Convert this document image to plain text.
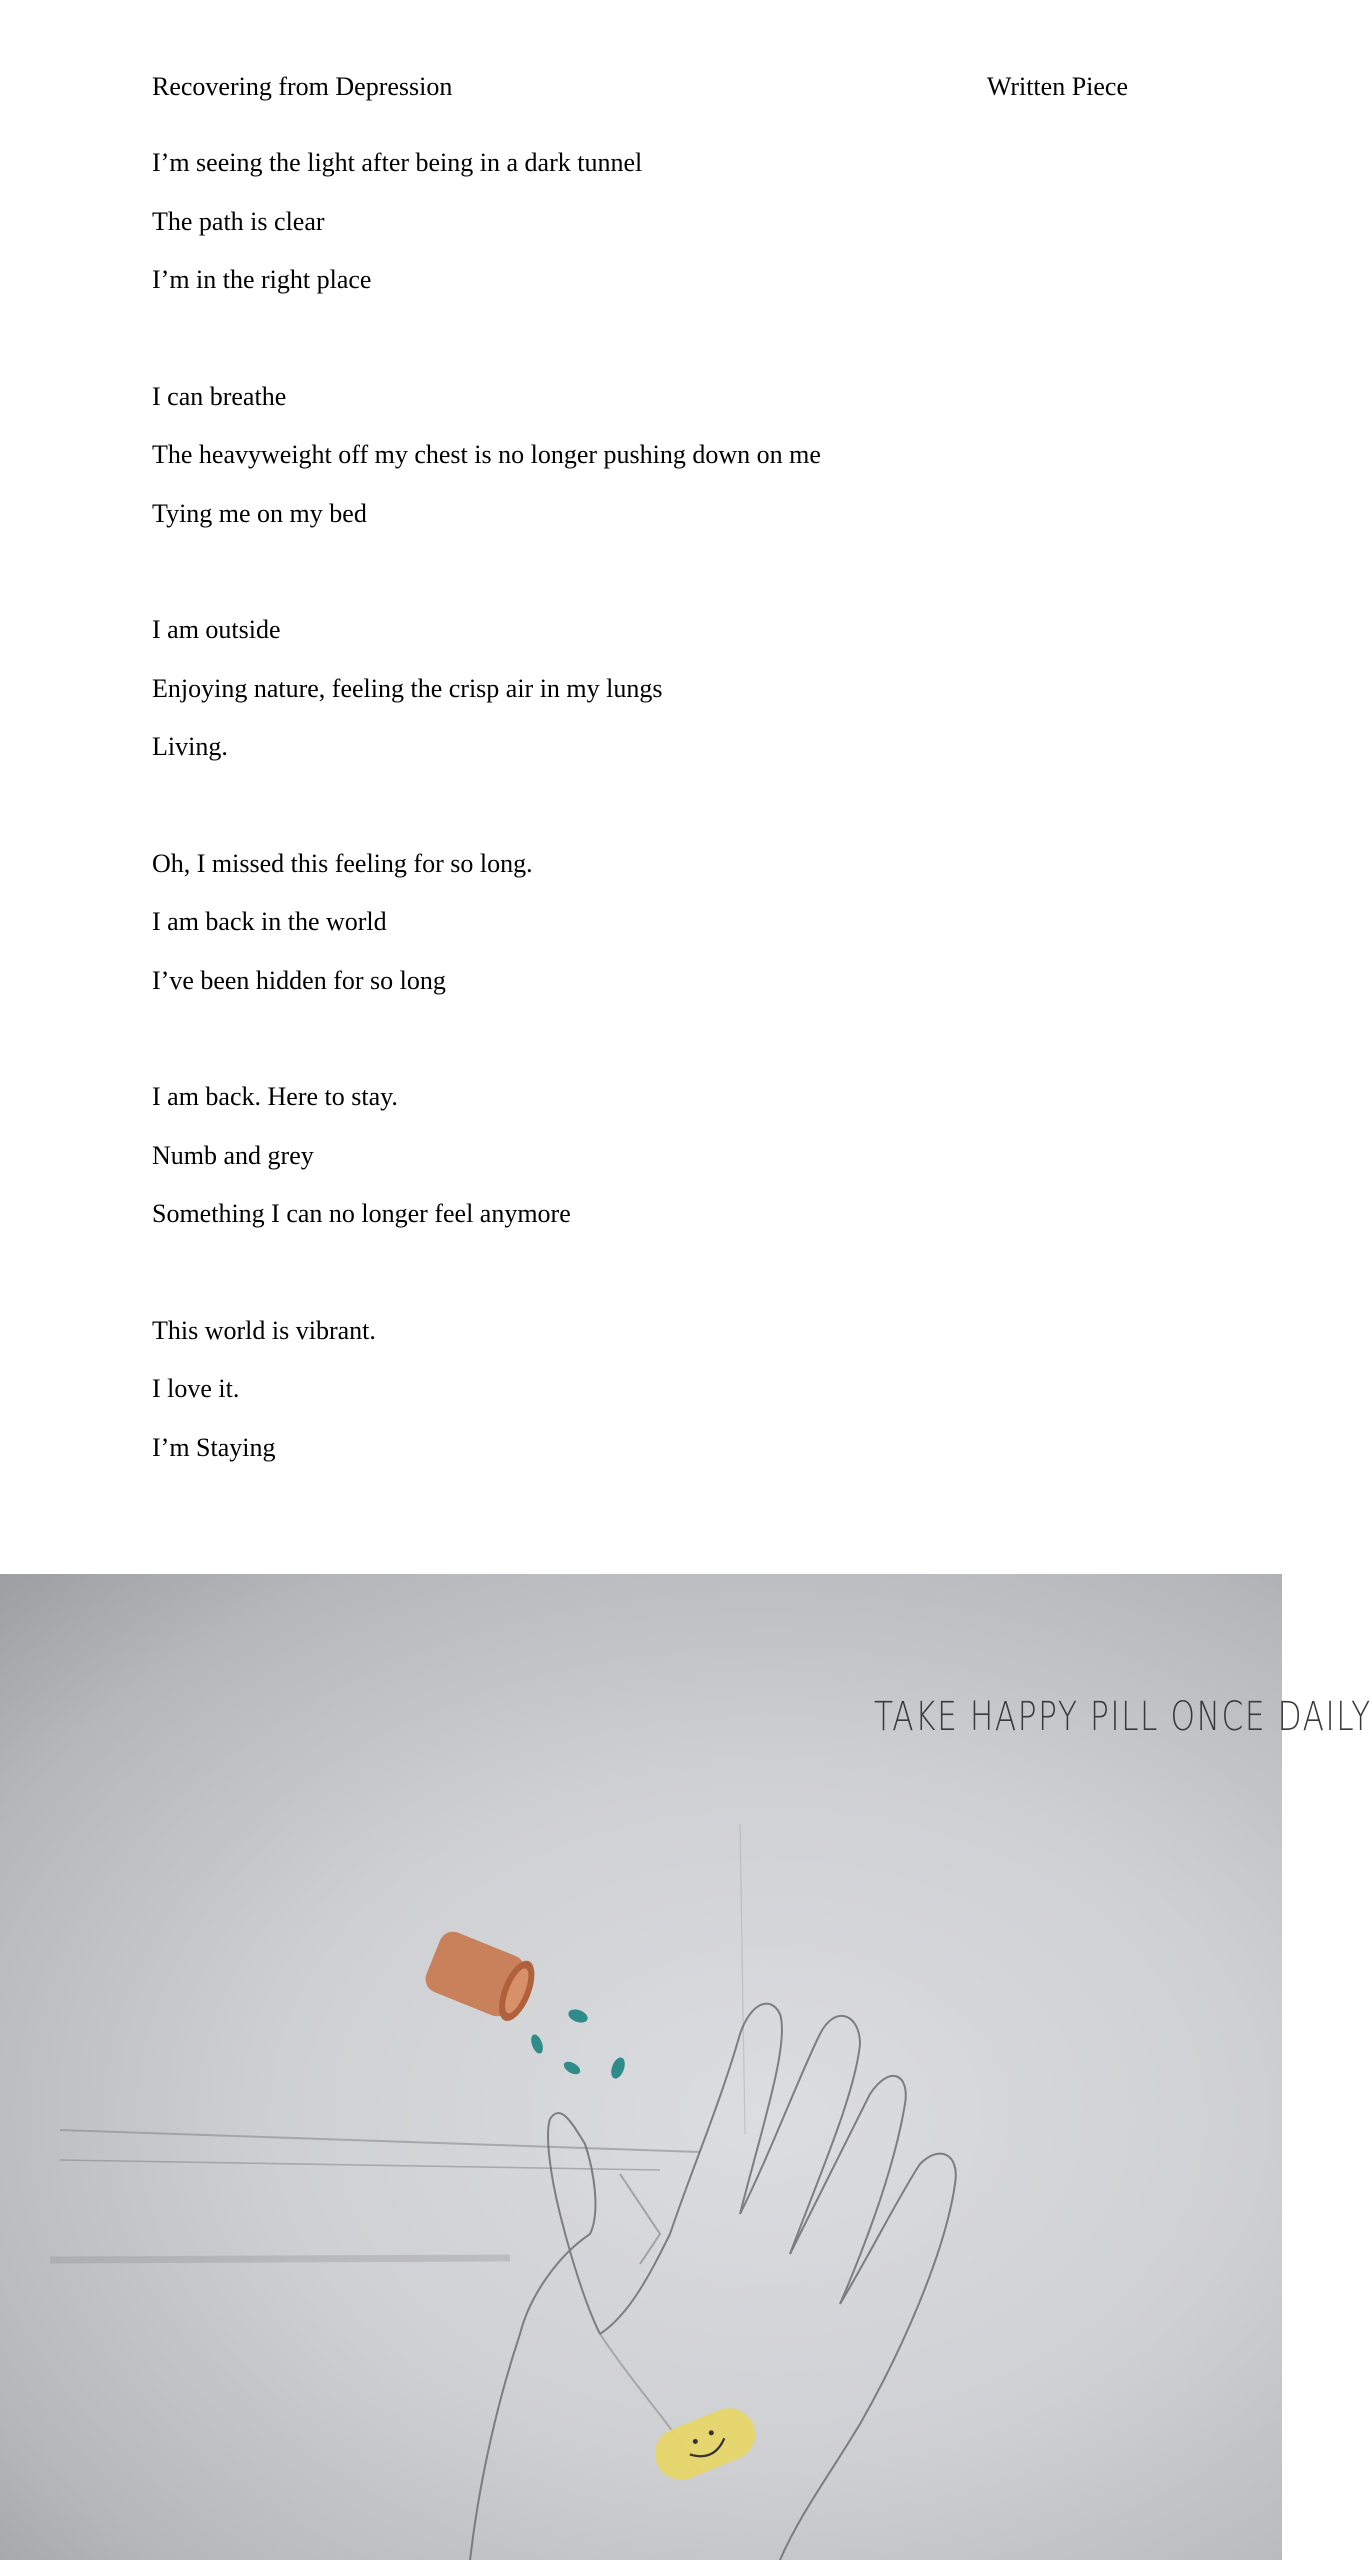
Recovering from Depression	Written Piece
I’m seeing the light after being in a dark tunnel
The path is clear
I’m in the right place
I can breathe
The heavyweight off my chest is no longer pushing down on me
Tying me on my bed
I am outside
Enjoying nature, feeling the crisp air in my lungs
Living.
Oh, I missed this feeling for so long.
I am back in the world
I’ve been hidden for so long
I am back. Here to stay.
Numb and grey
Something I can no longer feel anymore
This world is vibrant.
I love it.
I’m Staying
TAKE HAPPY PILL ONCE DAILY
